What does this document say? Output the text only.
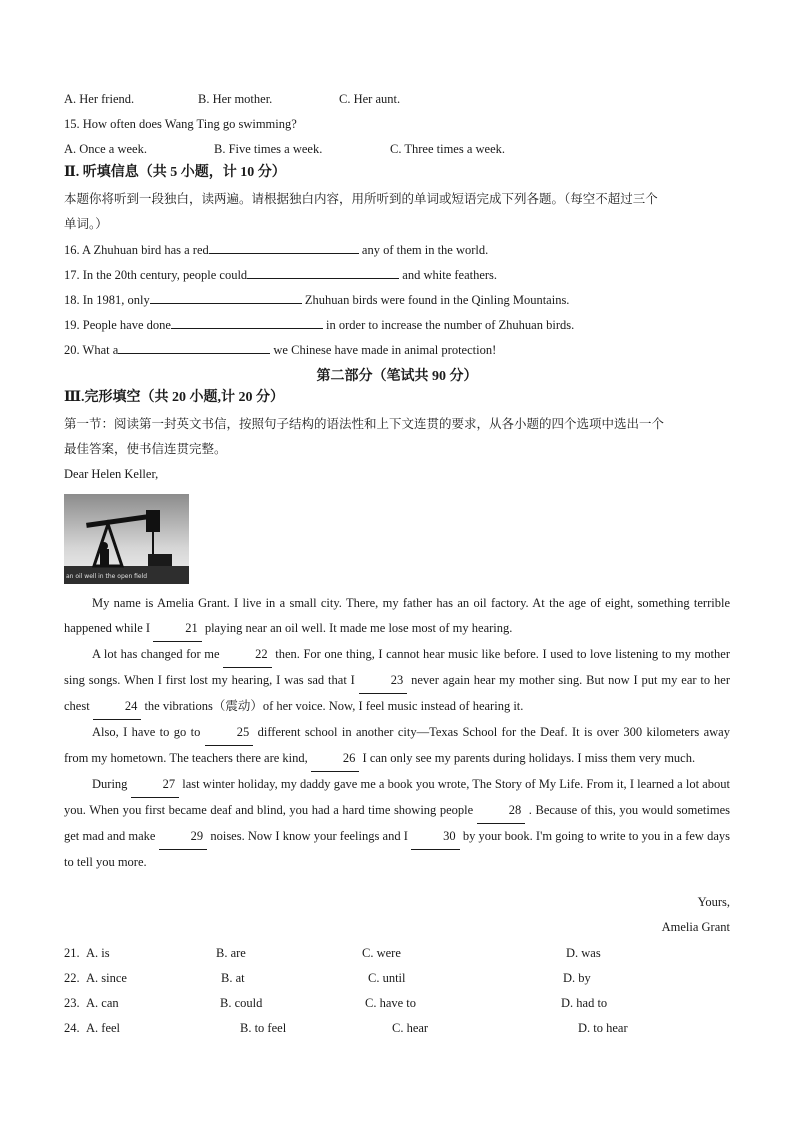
A. Her friend.	B. Her mother.	C. Her aunt.
15. How often does Wang Ting go swimming?
A. Once a week.	B. Five times a week.	C. Three times a week.
Ⅱ. 听填信息（共 5 小题，计 10 分）
本题你将听到一段独白，读两遍。请根据独白内容，用所听到的单词或短语完成下列各题。（每空不超过三个
单词。）
16. A Zhuhuan bird has a red	any of them in the world.
17. In the 20th century, people could	and white feathers.
18. In 1981, only	Zhuhuan birds were found in the Qinling Mountains.
19. People have done	in order to increase the number of Zhuhuan birds.
20. What a	we Chinese have made in animal protection!
第二部分（笔试共 90 分）
Ⅲ.完形填空（共 20 小题,计 20 分）
第一节：阅读第一封英文书信，按照句子结构的语法性和上下文连贯的要求，从各小题的四个选项中选出一个
最佳答案，使书信连贯完整。
Dear Helen Keller,
an oil well in the open field

My name is Amelia Grant. I live in a small city. There, my father has an oil factory. At the age of eight, something terrible happened while I	21 playing near an oil well. It made me lose most of my hearing.

A lot has changed for me	22 then. For one thing, I cannot hear music like before. I used to love listening to my mother sing songs. When I first lost my hearing, I was sad that I	23 never again hear my mother sing. But now I put my ear to her chest	24 the vibrations（震动）of her voice. Now, I feel music instead of hearing it.

Also, I have to go to	25 different school in another city—Texas School for the Deaf. It is over 300 kilometers away from my hometown. The teachers there are kind,	26 I can only see my parents during holidays. I miss them very much.

During	27 last winter holiday, my daddy gave me a book you wrote, The Story of My Life. From it, I learned a lot about you. When you first became deaf and blind, you had a hard time showing people	28 . Because of this, you would sometimes get mad and make	29 noises. Now I know your feelings and I	30 by your book. I'm going to write to you in a few days to tell you more.

Yours,
Amelia Grant
21. A. is	B. are	C. were	D. was
22. A. since	B. at	C. until	D. by
23. A. can	B. could	C. have to	D. had to
24. A. feel	B. to feel	C. hear	D. to hear
